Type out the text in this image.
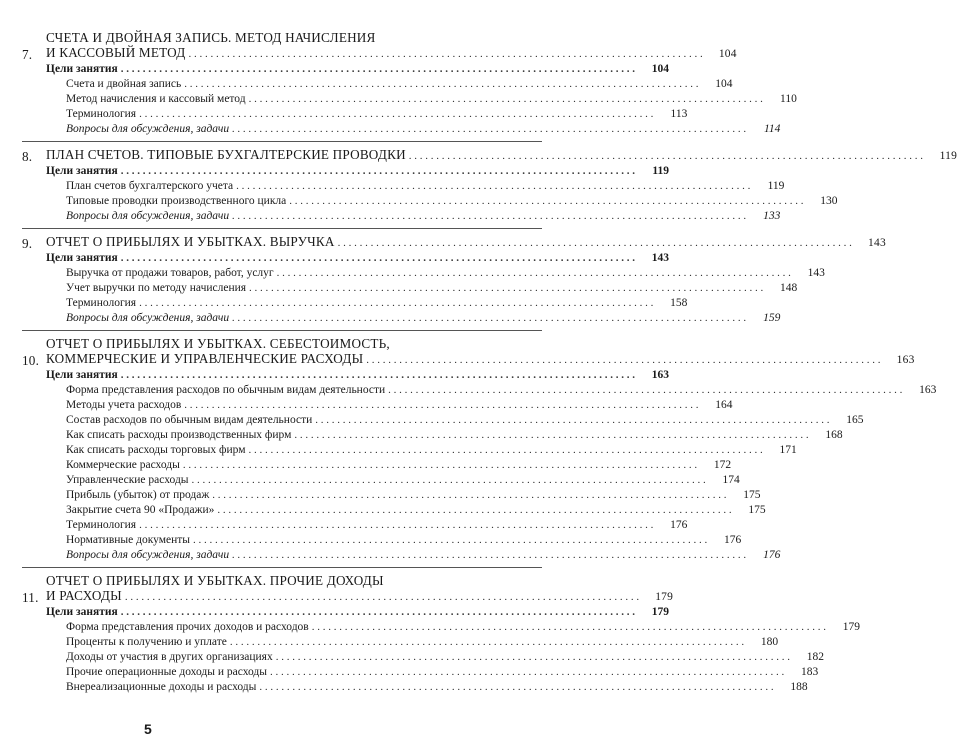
7.
СЧЕТА И ДВОЙНАЯ ЗАПИСЬ. МЕТОД НАЧИСЛЕНИЯ
И КАССОВЫЙ МЕТОД . . .	104
Цели занятия . . .	104
Счета и двойная запись . . .	104
Метод начисления и кассовый метод . . .	110
Терминология . . .	113
Вопросы для обсуждения, задачи . . .	114
8.	ПЛАН СЧЕТОВ. ТИПОВЫЕ БУХГАЛТЕРСКИЕ ПРОВОДКИ . . .	119
Цели занятия . . .	119
План счетов бухгалтерского учета . . .	119
Типовые проводки производственного цикла . . .	130
Вопросы для обсуждения, задачи . . .	133
9.	ОТЧЕТ О ПРИБЫЛЯХ И УБЫТКАХ. ВЫРУЧКА . . .	143
Цели занятия . . .	143
Выручка от продажи товаров, работ, услуг . . .	143
Учет выручки по методу начисления . . .	148
Терминология . . .	158
Вопросы для обсуждения, задачи . . .	159
10.
ОТЧЕТ О ПРИБЫЛЯХ И УБЫТКАХ. СЕБЕСТОИМОСТЬ,
КОММЕРЧЕСКИЕ И УПРАВЛЕНЧЕСКИЕ РАСХОДЫ . . .	163
Цели занятия . . .	163
Форма представления расходов по обычным видам деятельности . . .	163
Методы учета расходов . . .	164
Состав расходов по обычным видам деятельности . . .	165
Как списать расходы производственных фирм . . .	168
Как списать расходы торговых фирм . . .	171
Коммерческие расходы . . .	172
Управленческие расходы . . .	174
Прибыль (убыток) от продаж . . .	175
Закрытие счета 90 «Продажи» . . .	175
Терминология . . .	176
Нормативные документы . . .	176
Вопросы для обсуждения, задачи . . .	176
11.
ОТЧЕТ О ПРИБЫЛЯХ И УБЫТКАХ. ПРОЧИЕ ДОХОДЫ
И РАСХОДЫ . . .	179
Цели занятия . . .	179
Форма представления прочих доходов и расходов . . .	179
Проценты к получению и уплате . . .	180
Доходы от участия в других организациях . . .	182
Прочие операционные доходы и расходы . . .	183
Внереализационные доходы и расходы . . .	188
5
